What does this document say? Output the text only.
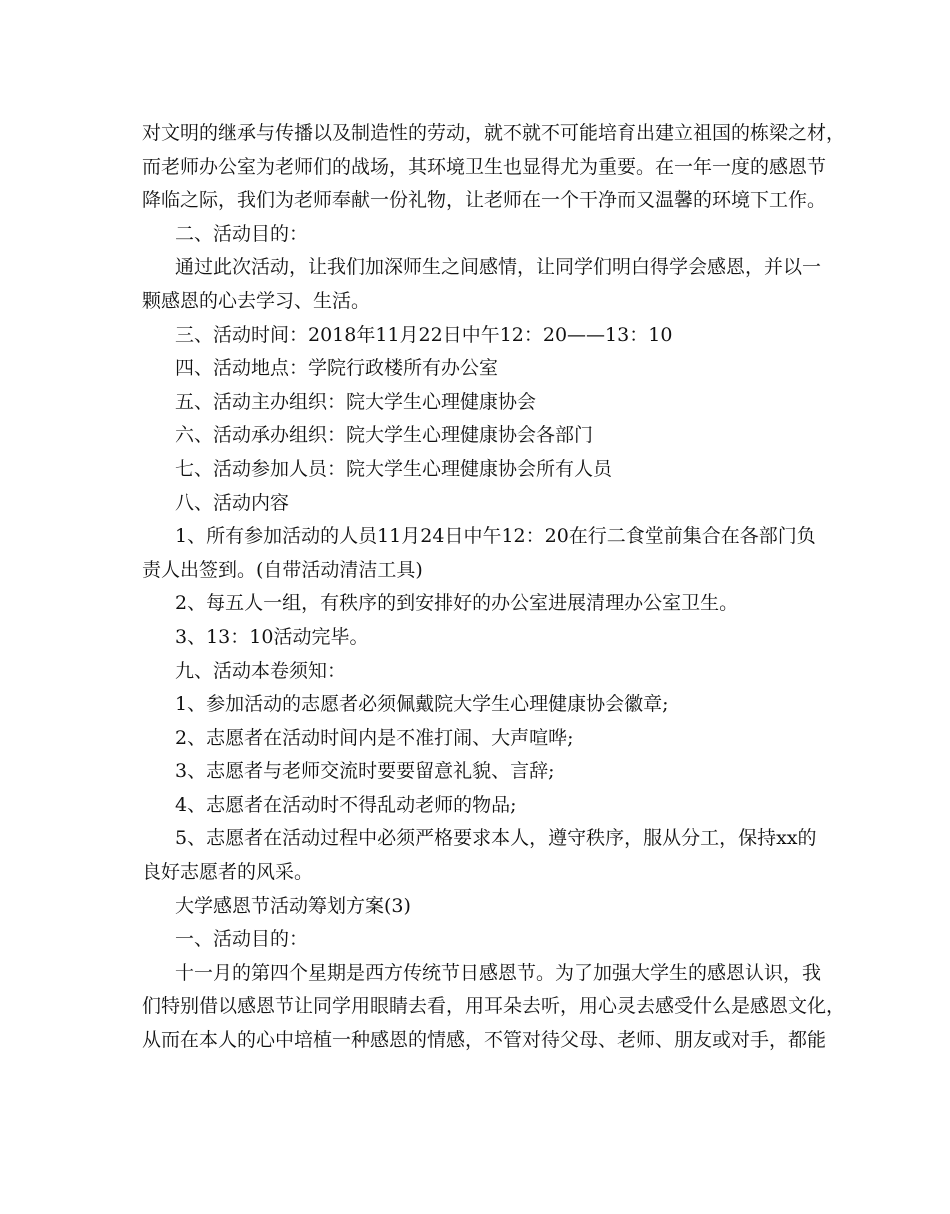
对文明的继承与传播以及制造性的劳动，就不就不可能培育出建立祖国的栋梁之材，

而老师办公室为老师们的战场，其环境卫生也显得尤为重要。在一年一度的感恩节

降临之际，我们为老师奉献一份礼物，让老师在一个干净而又温馨的环境下工作。

二、活动目的：

通过此次活动，让我们加深师生之间感情，让同学们明白得学会感恩，并以一

颗感恩的心去学习、生活。

三、活动时间：2018年11月22日中午12：20——13：10

四、活动地点：学院行政楼所有办公室

五、活动主办组织：院大学生心理健康协会

六、活动承办组织：院大学生心理健康协会各部门

七、活动参加人员：院大学生心理健康协会所有人员

八、活动内容

1、所有参加活动的人员11月24日中午12：20在行二食堂前集合在各部门负

责人出签到。(自带活动清洁工具)

2、每五人一组，有秩序的到安排好的办公室进展清理办公室卫生。

3、13：10活动完毕。

九、活动本卷须知：

1、参加活动的志愿者必须佩戴院大学生心理健康协会徽章;

2、志愿者在活动时间内是不准打闹、大声喧哗;

3、志愿者与老师交流时要要留意礼貌、言辞;

4、志愿者在活动时不得乱动老师的物品;

5、志愿者在活动过程中必须严格要求本人，遵守秩序，服从分工，保持xx的

良好志愿者的风采。

大学感恩节活动筹划方案(3)

一、活动目的：

十一月的第四个星期是西方传统节日感恩节。为了加强大学生的感恩认识，我

们特别借以感恩节让同学用眼睛去看，用耳朵去听，用心灵去感受什么是感恩文化，

从而在本人的心中培植一种感恩的情感，不管对待父母、老师、朋友或对手，都能
